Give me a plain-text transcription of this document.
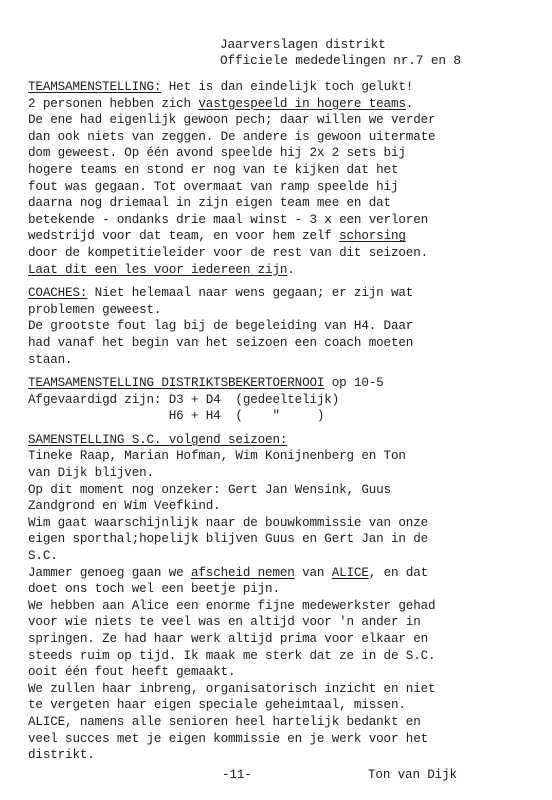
Jaarverslagen distrikt
Officiele mededelingen nr.7 en 8
TEAMSAMENSTELLING: Het is dan eindelijk toch gelukt!
2 personen hebben zich vastgespeeld in hogere teams.
De ene had eigenlijk gewoon pech; daar willen we verder
dan ook niets van zeggen. De andere is gewoon uitermate
dom geweest. Op één avond speelde hij 2x 2 sets bij
hogere teams en stond er nog van te kijken dat het
fout was gegaan. Tot overmaat van ramp speelde hij
daarna nog driemaal in zijn eigen team mee en dat
betekende - ondanks drie maal winst - 3 x een verloren
wedstrijd voor dat team, en voor hem zelf schorsing
door de kompetitieleider voor de rest van dit seizoen.
Laat dit een les voor iedereen zijn.
COACHES: Niet helemaal naar wens gegaan; er zijn wat
problemen geweest.
De grootste fout lag bij de begeleiding van H4. Daar
had vanaf het begin van het seizoen een coach moeten
staan.
TEAMSAMENSTELLING DISTRIKTSBEKERTOERNOOI op 10-5
Afgevaardigd zijn: D3 + D4  (gedeeltelijk)
H6 + H4  (    "     )
SAMENSTELLING S.C. volgend seizoen:
Tineke Raap, Marian Hofman, Wim Konijnenberg en Ton
van Dijk blijven.
Op dit moment nog onzeker: Gert Jan Wensink, Guus
Zandgrond en Wim Veefkind.
Wim gaat waarschijnlijk naar de bouwkommissie van onze
eigen sporthal;hopelijk blijven Guus en Gert Jan in de
S.C.
Jammer genoeg gaan we afscheid nemen van ALICE, en dat
doet ons toch wel een beetje pijn.
We hebben aan Alice een enorme fijne medewerkster gehad
voor wie niets te veel was en altijd voor 'n ander in
springen. Ze had haar werk altijd prima voor elkaar en
steeds ruim op tijd. Ik maak me sterk dat ze in de S.C.
ooit één fout heeft gemaakt.
We zullen haar inbreng, organisatorisch inzicht en niet
te vergeten haar eigen speciale geheimtaal, missen.
ALICE, namens alle senioren heel hartelijk bedankt en
veel succes met je eigen kommissie en je werk voor het
distrikt.
-11-	Ton van Dijk
